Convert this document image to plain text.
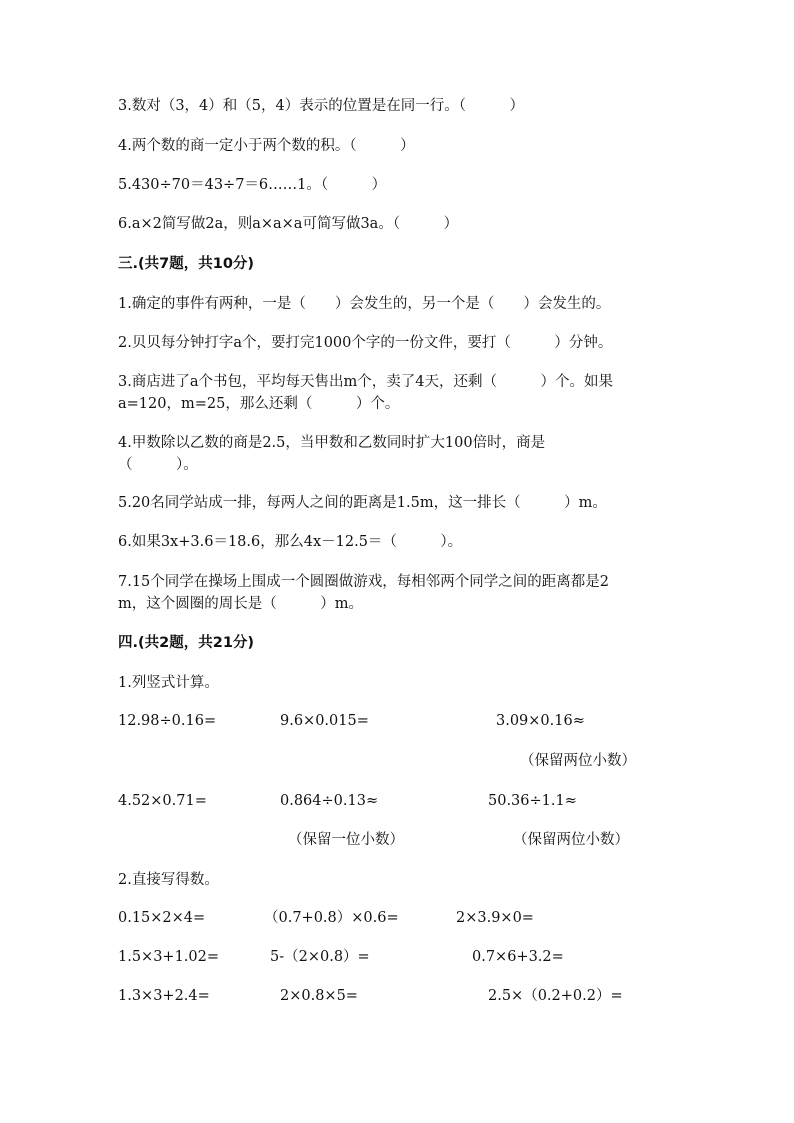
3.数对（3，4）和（5，4）表示的位置是在同一行。（　　　）
4.两个数的商一定小于两个数的积。（　　　）
5.430÷70＝43÷7＝6……1。（　　　）
6.a×2简写做2a，则a×a×a可简写做3a。（　　　）
三.(共7题，共10分)
1.确定的事件有两种，一是（　　）会发生的，另一个是（　　）会发生的。
2.贝贝每分钟打字a个，要打完1000个字的一份文件，要打（　　　）分钟。
3.商店进了a个书包，平均每天售出m个，卖了4天，还剩（　　　）个。如果
a=120，m=25，那么还剩（　　　）个。
4.甲数除以乙数的商是2.5，当甲数和乙数同时扩大100倍时，商是
（　　　）。
5.20名同学站成一排，每两人之间的距离是1.5m，这一排长（　　　）m。
6.如果3x+3.6＝18.6，那么4x－12.5＝（　　　）。
7.15个同学在操场上围成一个圆圈做游戏，每相邻两个同学之间的距离都是2
m，这个圆圈的周长是（　　　）m。
四.(共2题，共21分)
1.列竖式计算。
12.98÷0.16=	9.6×0.015=	3.09×0.16≈
（保留两位小数）
4.52×0.71=	0.864÷0.13≈	50.36÷1.1≈
（保留一位小数）	（保留两位小数）
2.直接写得数。
0.15×2×4=	（0.7+0.8）×0.6=	2×3.9×0=
1.5×3+1.02=	5-（2×0.8）=	0.7×6+3.2=
1.3×3+2.4=	2×0.8×5=	2.5×（0.2+0.2）=
